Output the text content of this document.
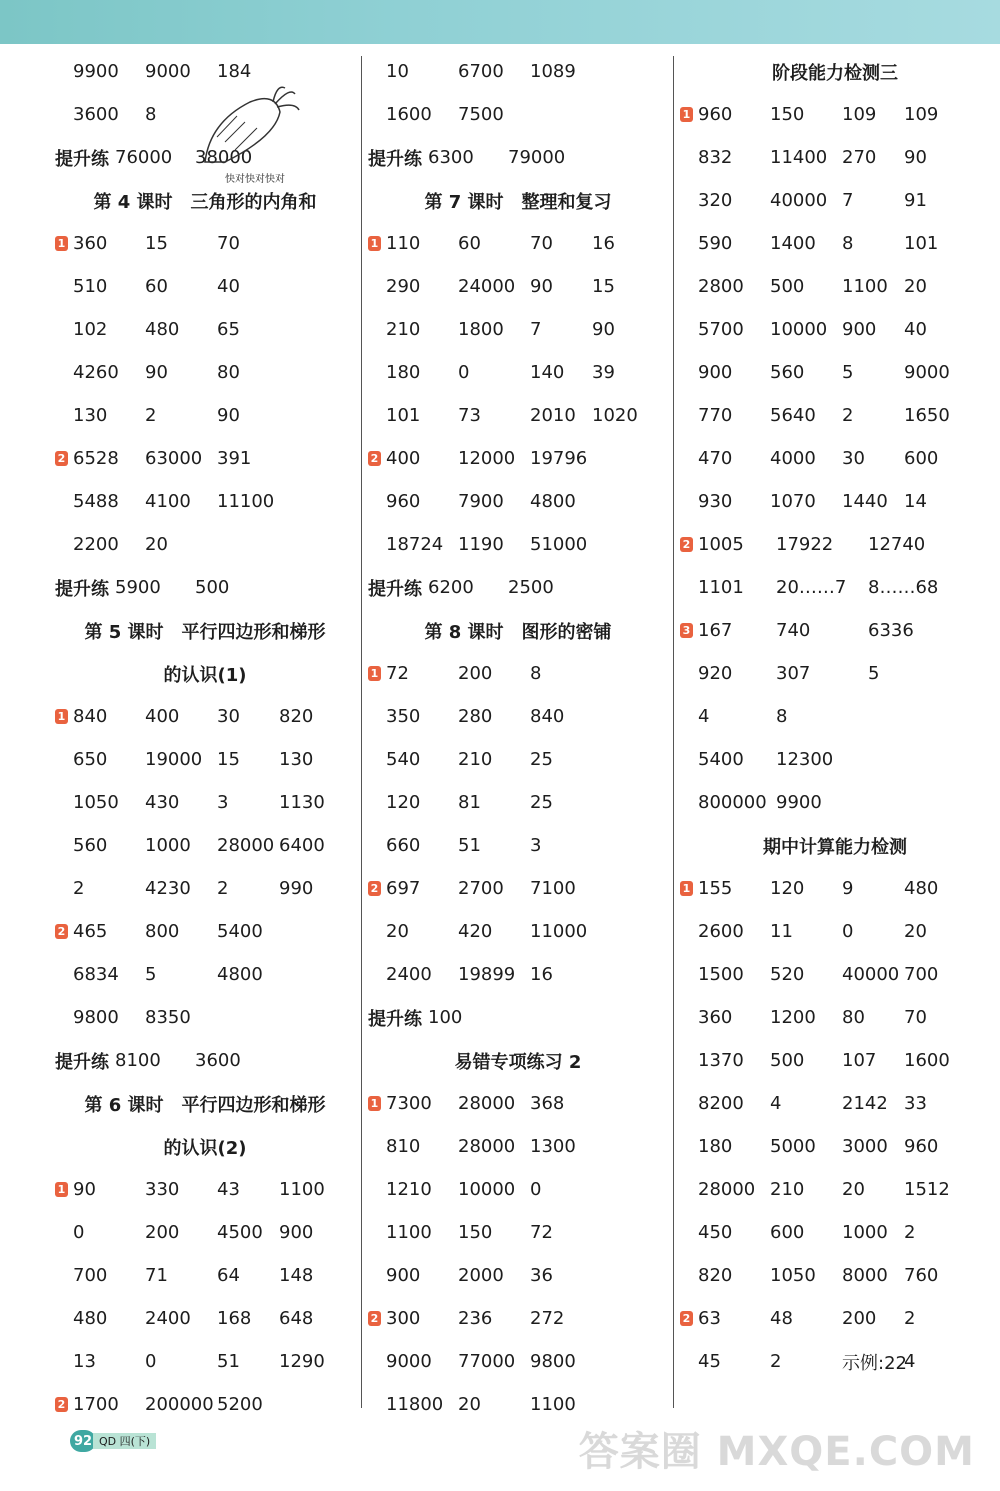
9900	9000	184
3600	8
提升练 76000	38000
第 4 课时　三角形的内角和
1 360	15	70
510	60	40
102	480	65
4260	90	80
130	2	90
2 6528	63000 391
5488	4100	11100
2200	20
提升练 5900	500
第 5 课时　平行四边形和梯形
的认识(1)
1 840	400	30	820
650	19000 15	130
1050	430	3	1130
560	1000	28000 6400
2	4230	2	990
2 465	800	5400
6834	5	4800
9800	8350
提升练 8100	3600
第 6 课时　平行四边形和梯形
的认识(2)
1 90	330	43	1100
0	200	4500 900
700	71	64	148
480	2400	168	648
13	0	51	1290
2 1700	200000 5200
10	6700	1089
1600	7500
提升练 6300	79000
第 7 课时　整理和复习
1 110	60	70	16
290	24000 90	15
210	1800	7	90
180	0	140	39
101	73	2010 1020
2 400	12000 19796
960	7900	4800
18724 1190	51000
提升练 6200	2500
第 8 课时　图形的密铺
1 72	200	8
350	280	840
540	210	25
120	81	25
660	51	3
2 697	2700	7100
20	420	11000
2400	19899 16
提升练 100
易错专项练习 2
1 7300	28000 368
810	28000 1300
1210	10000 0
1100	150	72
900	2000	36
2 300	236	272
9000	77000 9800
11800 20	1100
阶段能力检测三
1 960	150	109	109
832	11400 270	90
320	40000 7	91
590	1400	8	101
2800	500	1100 20
5700	10000 900	40
900	560	5	9000
770	5640	2	1650
470	4000	30	600
930	1070	1440 14
2 1005	17922	12740
1101	20……7	8……68
3 167	740	6336
920	307	5
4	8
5400	12300
800000 9900
期中计算能力检测
1 155	120	9	480
2600	11	0	20
1500	520	40000 700
360	1200	80	70
1370	500	107	1600
8200	4	2142 33
180	5000	3000 960
28000 210	20	1512
450	600	1000 2
820	1050	8000 760
2 63	48	200	2
45	2	示例:22
4
快对快对快对
92 QD 四(下)	答案圈 MXQE.COM
